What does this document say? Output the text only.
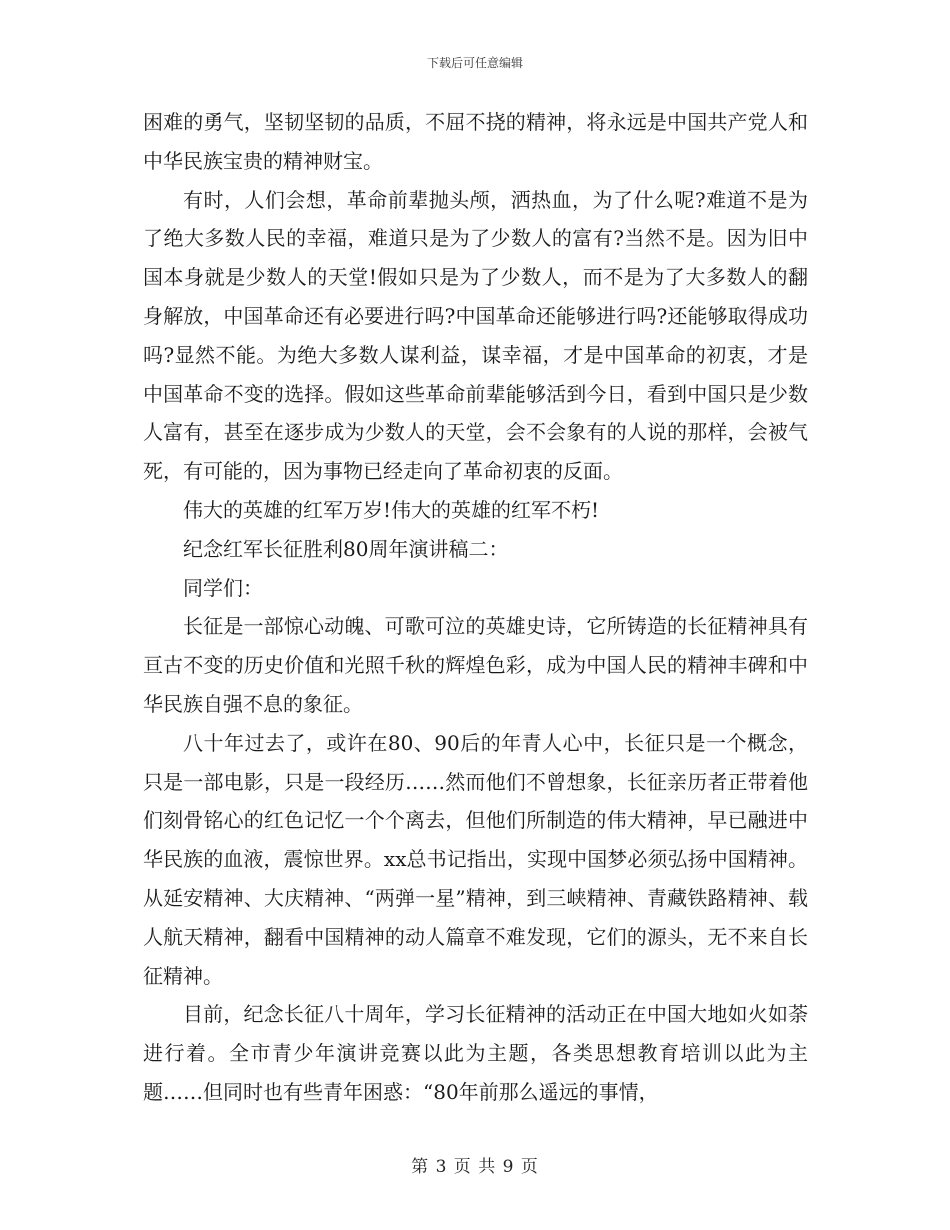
下载后可任意编辑

困难的勇气，坚韧坚韧的品质，不屈不挠的精神，将永远是中国共产党人和中华民族宝贵的精神财宝。

有时，人们会想，革命前辈抛头颅，洒热血，为了什么呢?难道不是为了绝大多数人民的幸福，难道只是为了少数人的富有?当然不是。因为旧中国本身就是少数人的天堂!假如只是为了少数人，而不是为了大多数人的翻身解放，中国革命还有必要进行吗?中国革命还能够进行吗?还能够取得成功吗?显然不能。为绝大多数人谋利益，谋幸福，才是中国革命的初衷，才是中国革命不变的选择。假如这些革命前辈能够活到今日，看到中国只是少数人富有，甚至在逐步成为少数人的天堂，会不会象有的人说的那样，会被气死，有可能的，因为事物已经走向了革命初衷的反面。

伟大的英雄的红军万岁!伟大的英雄的红军不朽!

纪念红军长征胜利80周年演讲稿二：

同学们：

长征是一部惊心动魄、可歌可泣的英雄史诗，它所铸造的长征精神具有亘古不变的历史价值和光照千秋的辉煌色彩，成为中国人民的精神丰碑和中华民族自强不息的象征。

八十年过去了，或许在80、90后的年青人心中，长征只是一个概念，只是一部电影，只是一段经历……然而他们不曾想象，长征亲历者正带着他们刻骨铭心的红色记忆一个个离去，但他们所制造的伟大精神，早已融进中华民族的血液，震惊世界。xx总书记指出，实现中国梦必须弘扬中国精神。从延安精神、大庆精神、“两弹一星”精神，到三峡精神、青藏铁路精神、载人航天精神，翻看中国精神的动人篇章不难发现，它们的源头，无不来自长征精神。

目前，纪念长征八十周年，学习长征精神的活动正在中国大地如火如荼进行着。全市青少年演讲竞赛以此为主题，各类思想教育培训以此为主题……但同时也有些青年困惑：“80年前那么遥远的事情，

第 3 页 共 9 页
